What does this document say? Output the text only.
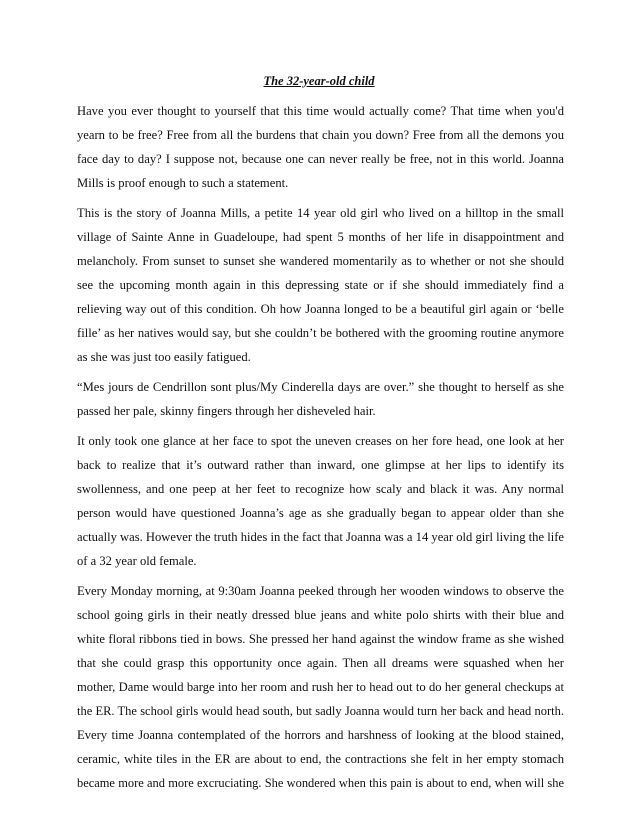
The 32-year-old child
Have you ever thought to yourself that this time would actually come? That time when you'd
yearn to be free? Free from all the burdens that chain you down? Free from all the demons you
face day to day? I suppose not, because one can never really be free, not in this world. Joanna
Mills is proof enough to such a statement.
This is the story of Joanna Mills, a petite 14 year old girl who lived on a hilltop in the small
village of Sainte Anne in Guadeloupe, had spent 5 months of her life in disappointment and
melancholy. From sunset to sunset she wandered momentarily as to whether or not she should
see the upcoming month again in this depressing state or if she should immediately find a
relieving way out of this condition. Oh how Joanna longed to be a beautiful girl again or ‘belle
fille’ as her natives would say, but she couldn’t be bothered with the grooming routine anymore
as she was just too easily fatigued.
“Mes jours de Cendrillon sont plus/My Cinderella days are over.” she thought to herself as she
passed her pale, skinny fingers through her disheveled hair.
It only took one glance at her face to spot the uneven creases on her fore head, one look at her
back to realize that it’s outward rather than inward, one glimpse at her lips to identify its
swollenness, and one peep at her feet to recognize how scaly and black it was. Any normal
person would have questioned Joanna’s age as she gradually began to appear older than she
actually was. However the truth hides in the fact that Joanna was a 14 year old girl living the life
of a 32 year old female.
Every Monday morning, at 9:30am Joanna peeked through her wooden windows to observe the
school going girls in their neatly dressed blue jeans and white polo shirts with their blue and
white floral ribbons tied in bows. She pressed her hand against the window frame as she wished
that she could grasp this opportunity once again. Then all dreams were squashed when her
mother, Dame would barge into her room and rush her to head out to do her general checkups at
the ER. The school girls would head south, but sadly Joanna would turn her back and head north.
Every time Joanna contemplated of the horrors and harshness of looking at the blood stained,
ceramic, white tiles in the ER are about to end, the contractions she felt in her empty stomach
became more and more excruciating. She wondered when this pain is about to end, when will she
